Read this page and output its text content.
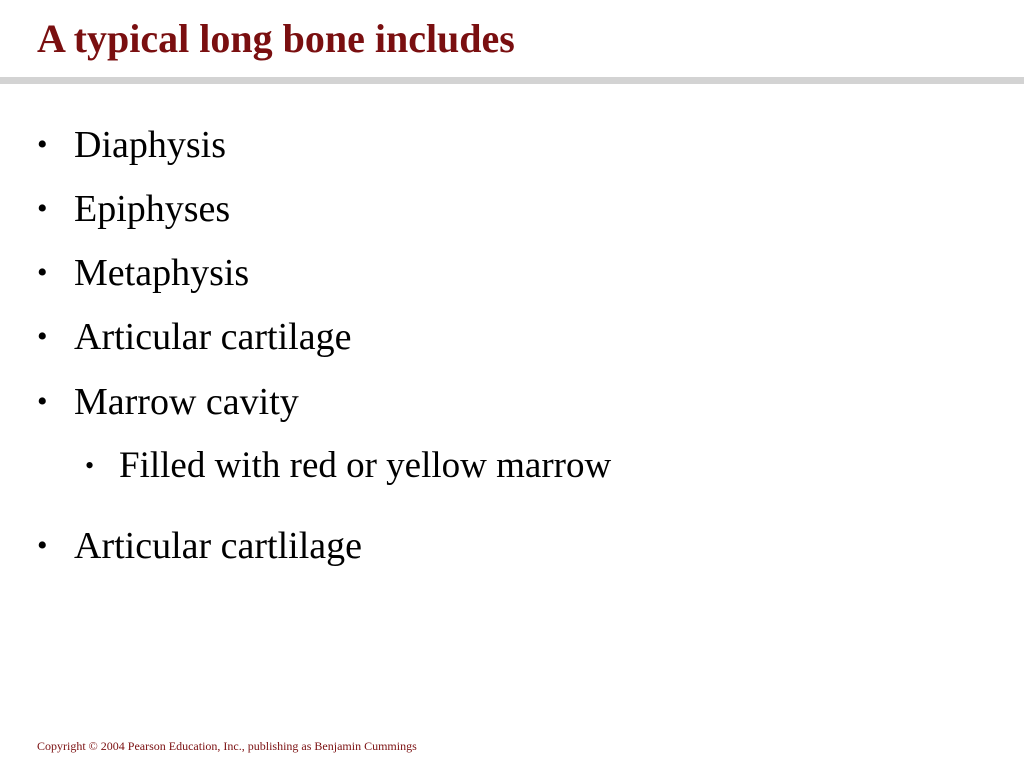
A typical long bone includes
• Diaphysis
• Epiphyses
• Metaphysis
• Articular cartilage
• Marrow cavity
• Filled with red or yellow marrow
• Articular cartlilage
Copyright © 2004 Pearson Education, Inc., publishing as Benjamin Cummings
